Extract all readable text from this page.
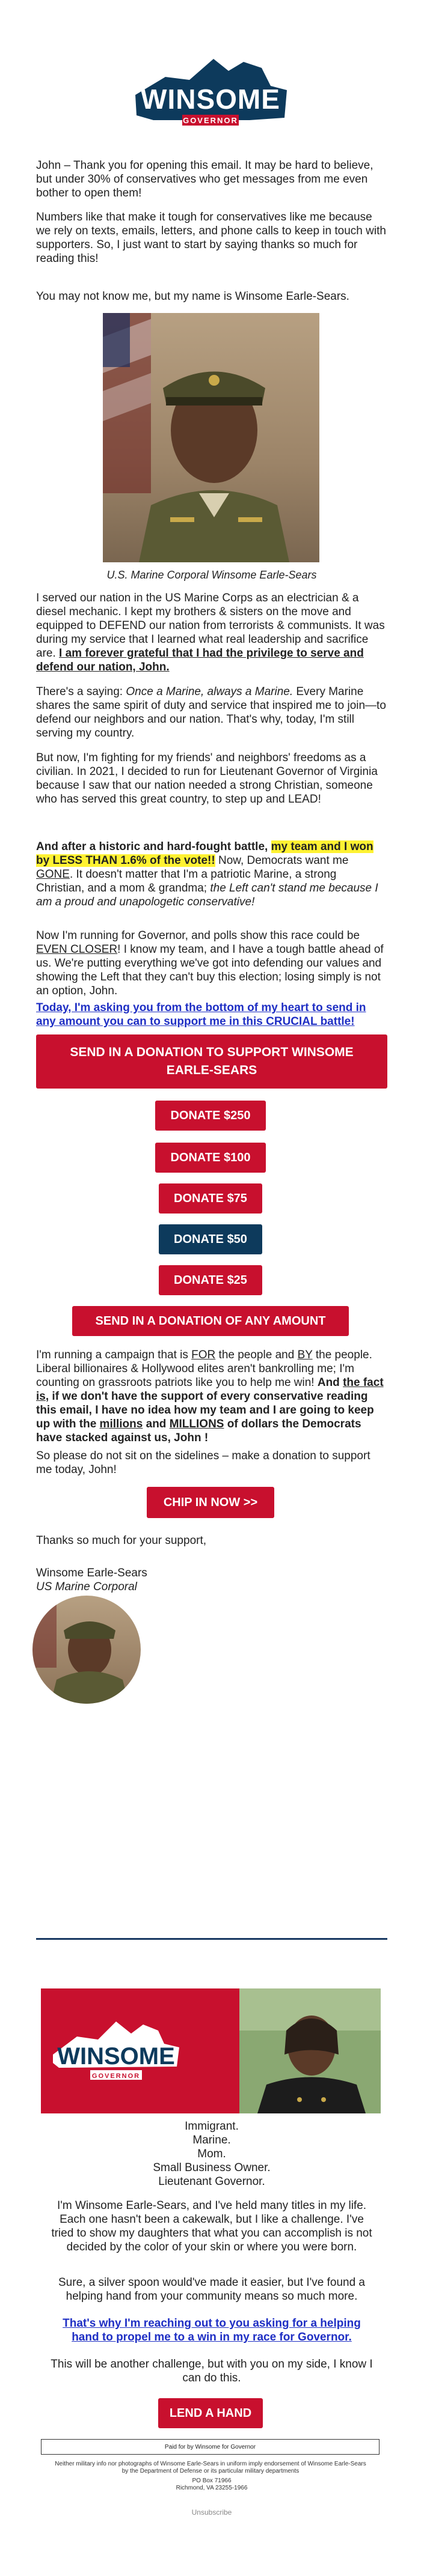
WINSOME
GOVERNOR

John – Thank you for opening this email. It may be hard to believe, but under 30% of conservatives who get messages from me even bother to open them!

Numbers like that make it tough for conservatives like me because we rely on texts, emails, letters, and phone calls to keep in touch with supporters. So, I just want to start by saying thanks so much for reading this!

You may not know me, but my name is Winsome Earle-Sears.

U.S. Marine Corporal Winsome Earle-Sears

I served our nation in the US Marine Corps as an electrician & a diesel mechanic. I kept my brothers & sisters on the move and equipped to DEFEND our nation from terrorists & communists. It was during my service that I learned what real leadership and sacrifice are. I am forever grateful that I had the privilege to serve and defend our nation, John.

There's a saying: Once a Marine, always a Marine. Every Marine shares the same spirit of duty and service that inspired me to join—to defend our neighbors and our nation. That's why, today, I'm still serving my country.

But now, I'm fighting for my friends' and neighbors' freedoms as a civilian. In 2021, I decided to run for Lieutenant Governor of Virginia because I saw that our nation needed a strong Christian, someone who has served this great country, to step up and LEAD!

And after a historic and hard-fought battle, my team and I won by LESS THAN 1.6% of the vote!! Now, Democrats want me GONE. It doesn't matter that I'm a patriotic Marine, a strong Christian, and a mom & grandma; the Left can't stand me because I am a proud and unapologetic conservative!

Now I'm running for Governor, and polls show this race could be EVEN CLOSER! I know my team, and I have a tough battle ahead of us. We're putting everything we've got into defending our values and showing the Left that they can't buy this election; losing simply is not an option, John.

Today, I'm asking you from the bottom of my heart to send in any amount you can to support me in this CRUCIAL battle!

SEND IN A DONATION TO SUPPORT WINSOME EARLE-SEARS
DONATE $250
DONATE $100
DONATE $75
DONATE $50
DONATE $25
SEND IN A DONATION OF ANY AMOUNT

I'm running a campaign that is FOR the people and BY the people. Liberal billionaires & Hollywood elites aren't bankrolling me; I'm counting on grassroots patriots like you to help me win! And the fact is, if we don't have the support of every conservative reading this email, I have no idea how my team and I are going to keep up with the millions and MILLIONS of dollars the Democrats have stacked against us, John !

So please do not sit on the sidelines – make a donation to support me today, John!

CHIP IN NOW >>

Thanks so much for your support,

Winsome Earle-Sears

US Marine Corporal

WINSOME
GOVERNOR
Immigrant.
Marine.
Mom.
Small Business Owner.
Lieutenant Governor.

I'm Winsome Earle-Sears, and I've held many titles in my life. Each one hasn't been a cakewalk, but I like a challenge. I've tried to show my daughters that what you can accomplish is not decided by the color of your skin or where you were born.

Sure, a silver spoon would've made it easier, but I've found a helping hand from your community means so much more.

That's why I'm reaching out to you asking for a helping hand to propel me to a win in my race for Governor.

This will be another challenge, but with you on my side, I know I can do this.

LEND A HAND
Paid for by Winsome for Governor
Neither military info nor photographs of Winsome Earle-Sears in uniform imply endorsement of Winsome Earle-Sears by the Department of Defense or its particular military departments
PO Box 71966
Richmond, VA 23255-1966
Unsubscribe
